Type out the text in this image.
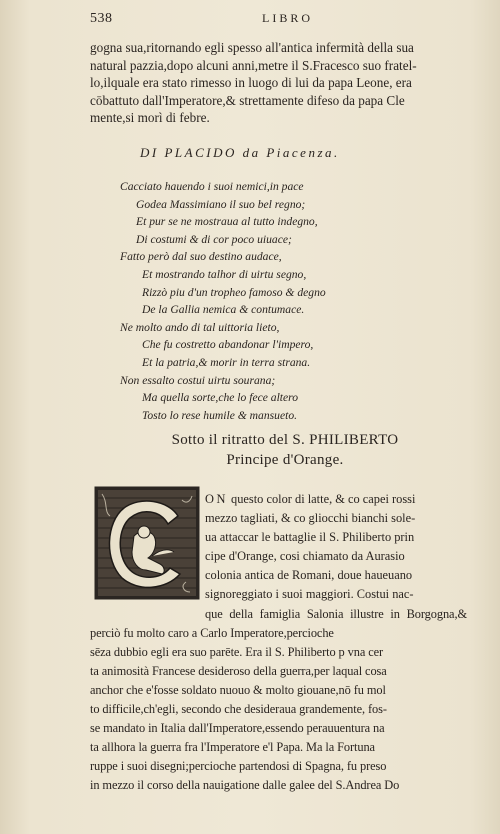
538	LIBRO
gogna sua,ritornando egli spesso all'antica infermità della sua
natural pazzia,dopo alcuni anni,metre il S.Fracesco suo fratel-
lo,ilquale era stato rimesso in luogo di lui da papa Leone, era
cōbattuto dall'Imperatore,& strettamente difeso da papa Cle
mente,si morì di febre.
DI PLACIDO da Piacenza.
Cacciato hauendo i suoi nemici,in pace
Godea Massimiano il suo bel regno;
Et pur se ne mostraua al tutto indegno,
Di costumi & di cor poco uiuace;
Fatto però dal suo destino audace,
Et mostrando talhor di uirtu segno,
Rizzò piu d'un tropheo famoso & degno
De la Gallia nemica & contumace.
Ne molto ando di tal uittoria lieto,
Che fu costretto abandonar l'impero,
Et la patria,& morir in terra strana.
Non essalto costui uirtu sourana;
Ma quella sorte,che lo fece altero
Tosto lo rese humile & mansueto.
Sotto il ritratto del S. PHILIBERTO
Principe d'Orange.
ON questo color di latte, & co capei rossi
mezzo tagliati, & co gliocchi bianchi sole-
ua attaccar le battaglie il S. Philiberto prin
cipe d'Orange, cosi chiamato da Aurasio
colonia antica de Romani, doue haueuano
signoreggiato i suoi maggiori. Costui nac-
que della famiglia Salonia illustre in Borgogna,& perciò fu molto caro a Carlo Imperatore,percioche
sēza dubbio egli era suo parēte. Era il S. Philiberto p vna cer
ta animosità Francese desideroso della guerra,per laqual cosa
anchor che e'fosse soldato nuouo & molto giouane,nō fu mol
to difficile,ch'egli, secondo che desideraua grandemente, fos-
se mandato in Italia dall'Imperatore,essendo perauuentura na
ta allhora la guerra fra l'Imperatore e'l Papa. Ma la Fortuna
ruppe i suoi disegni;percioche partendosi di Spagna, fu preso
in mezzo il corso della nauigatione dalle galee del S.Andrea Do
